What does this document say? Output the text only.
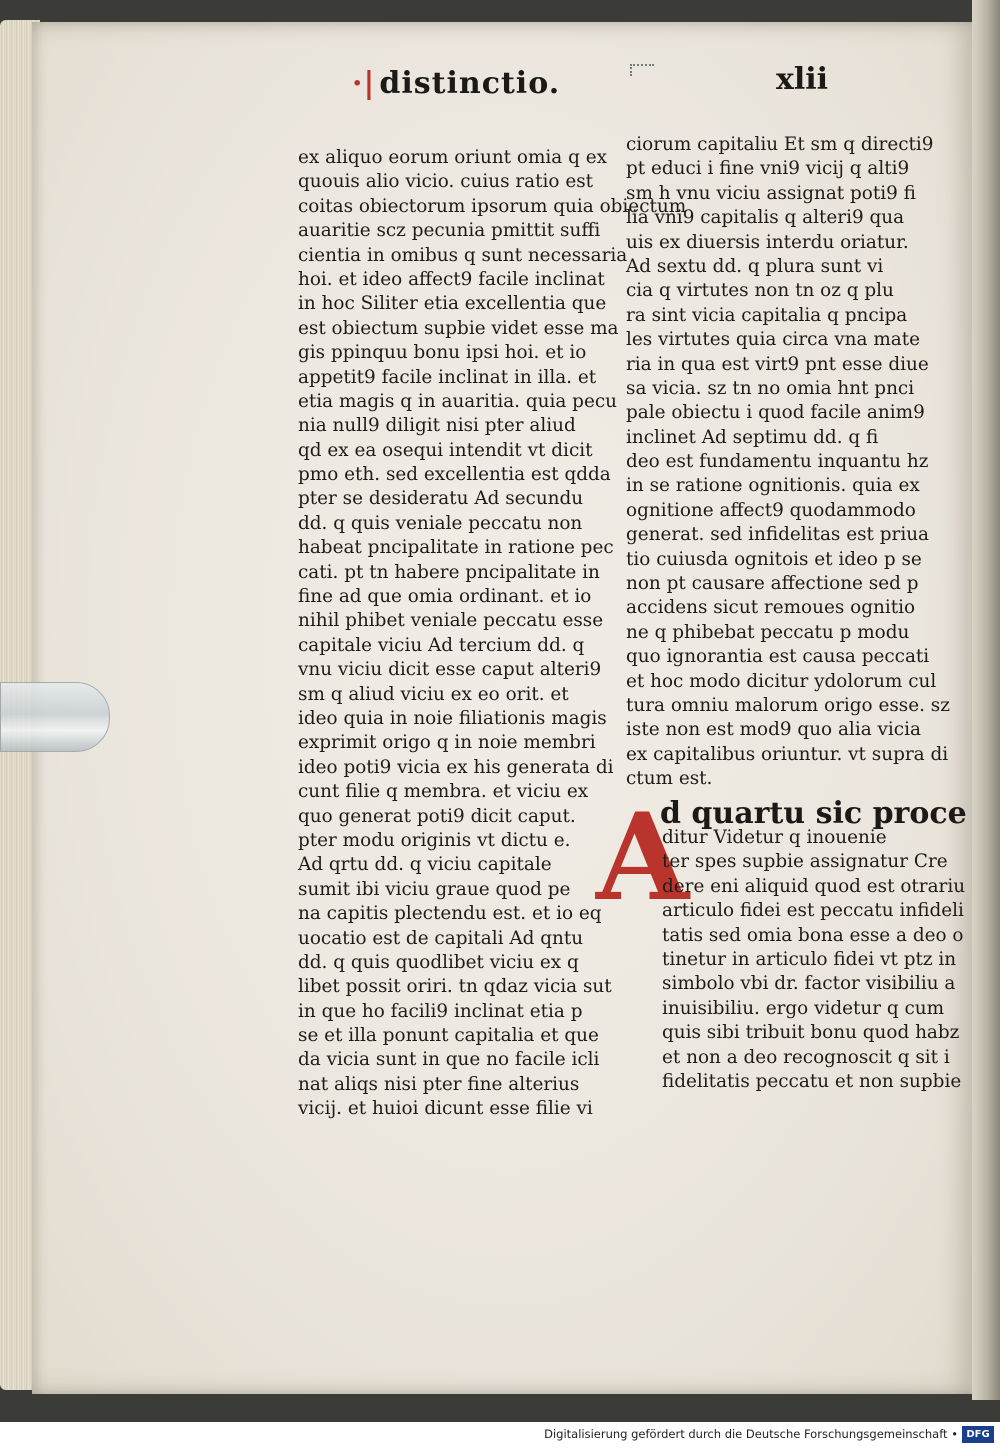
·| distinctio.	xlii
ex aliquo eorum oriunt omia q ex
quouis alio vicio. cuius ratio est
coitas obiectorum ipsorum quia obiectum
auaritie scz pecunia pmittit suffi
cientia in omibus q sunt necessaria
hoi. et ideo affect9 facile inclinat
in hoc Siliter etia excellentia que
est obiectum supbie videt esse ma
gis ppinquu bonu ipsi hoi. et io
appetit9 facile inclinat in illa. et
etia magis q in auaritia. quia pecu
nia null9 diligit nisi pter aliud
qd ex ea osequi intendit vt dicit
pmo eth. sed excellentia est qdda
pter se desideratu Ad secundu
dd. q quis veniale peccatu non
habeat pncipalitate in ratione pec
cati. pt tn habere pncipalitate in
fine ad que omia ordinant. et io
nihil phibet veniale peccatu esse
capitale viciu Ad tercium dd. q
vnu viciu dicit esse caput alteri9
sm q aliud viciu ex eo orit. et
ideo quia in noie filiationis magis
exprimit origo q in noie membri
ideo poti9 vicia ex his generata di
cunt filie q membra. et viciu ex
quo generat poti9 dicit caput.
pter modu originis vt dictu e.
Ad qrtu dd. q viciu capitale
sumit ibi viciu graue quod pe
na capitis plectendu est. et io eq
uocatio est de capitali Ad qntu
dd. q quis quodlibet viciu ex q
libet possit oriri. tn qdaz vicia sut
in que ho facili9 inclinat etia p
se et illa ponunt capitalia et que
da vicia sunt in que no facile icli
nat aliqs nisi pter fine alterius
vicij. et huioi dicunt esse filie vi
ciorum capitaliu Et sm q directi9
pt educi i fine vni9 vicij q alti9
sm h vnu viciu assignat poti9 fi
lia vni9 capitalis q alteri9 qua
uis ex diuersis interdu oriatur.
Ad sextu dd. q plura sunt vi
cia q virtutes non tn oz q plu
ra sint vicia capitalia q pncipa
les virtutes quia circa vna mate
ria in qua est virt9 pnt esse diue
sa vicia. sz tn no omia hnt pnci
pale obiectu i quod facile anim9
inclinet Ad septimu dd. q fi
deo est fundamentu inquantu hz
in se ratione ognitionis. quia ex
ognitione affect9 quodammodo
generat. sed infidelitas est priua
tio cuiusda ognitois et ideo p se
non pt causare affectione sed p
accidens sicut remoues ognitio
ne q phibebat peccatu p modu
quo ignorantia est causa peccati
et hoc modo dicitur ydolorum cul
tura omniu malorum origo esse. sz
iste non est mod9 quo alia vicia
ex capitalibus oriuntur. vt supra di
ctum est.
A
d quartu sic proce
ditur Videtur q inouenie
ter spes supbie assignatur Cre
dere eni aliquid quod est otrariu
articulo fidei est peccatu infideli
tatis sed omia bona esse a deo o
tinetur in articulo fidei vt ptz in
simbolo vbi dr. factor visibiliu a
inuisibiliu. ergo videtur q cum
quis sibi tribuit bonu quod habz
et non a deo recognoscit q sit i
fidelitatis peccatu et non supbie
Digitalisierung gefördert durch die Deutsche Forschungsgemeinschaft • DFG
